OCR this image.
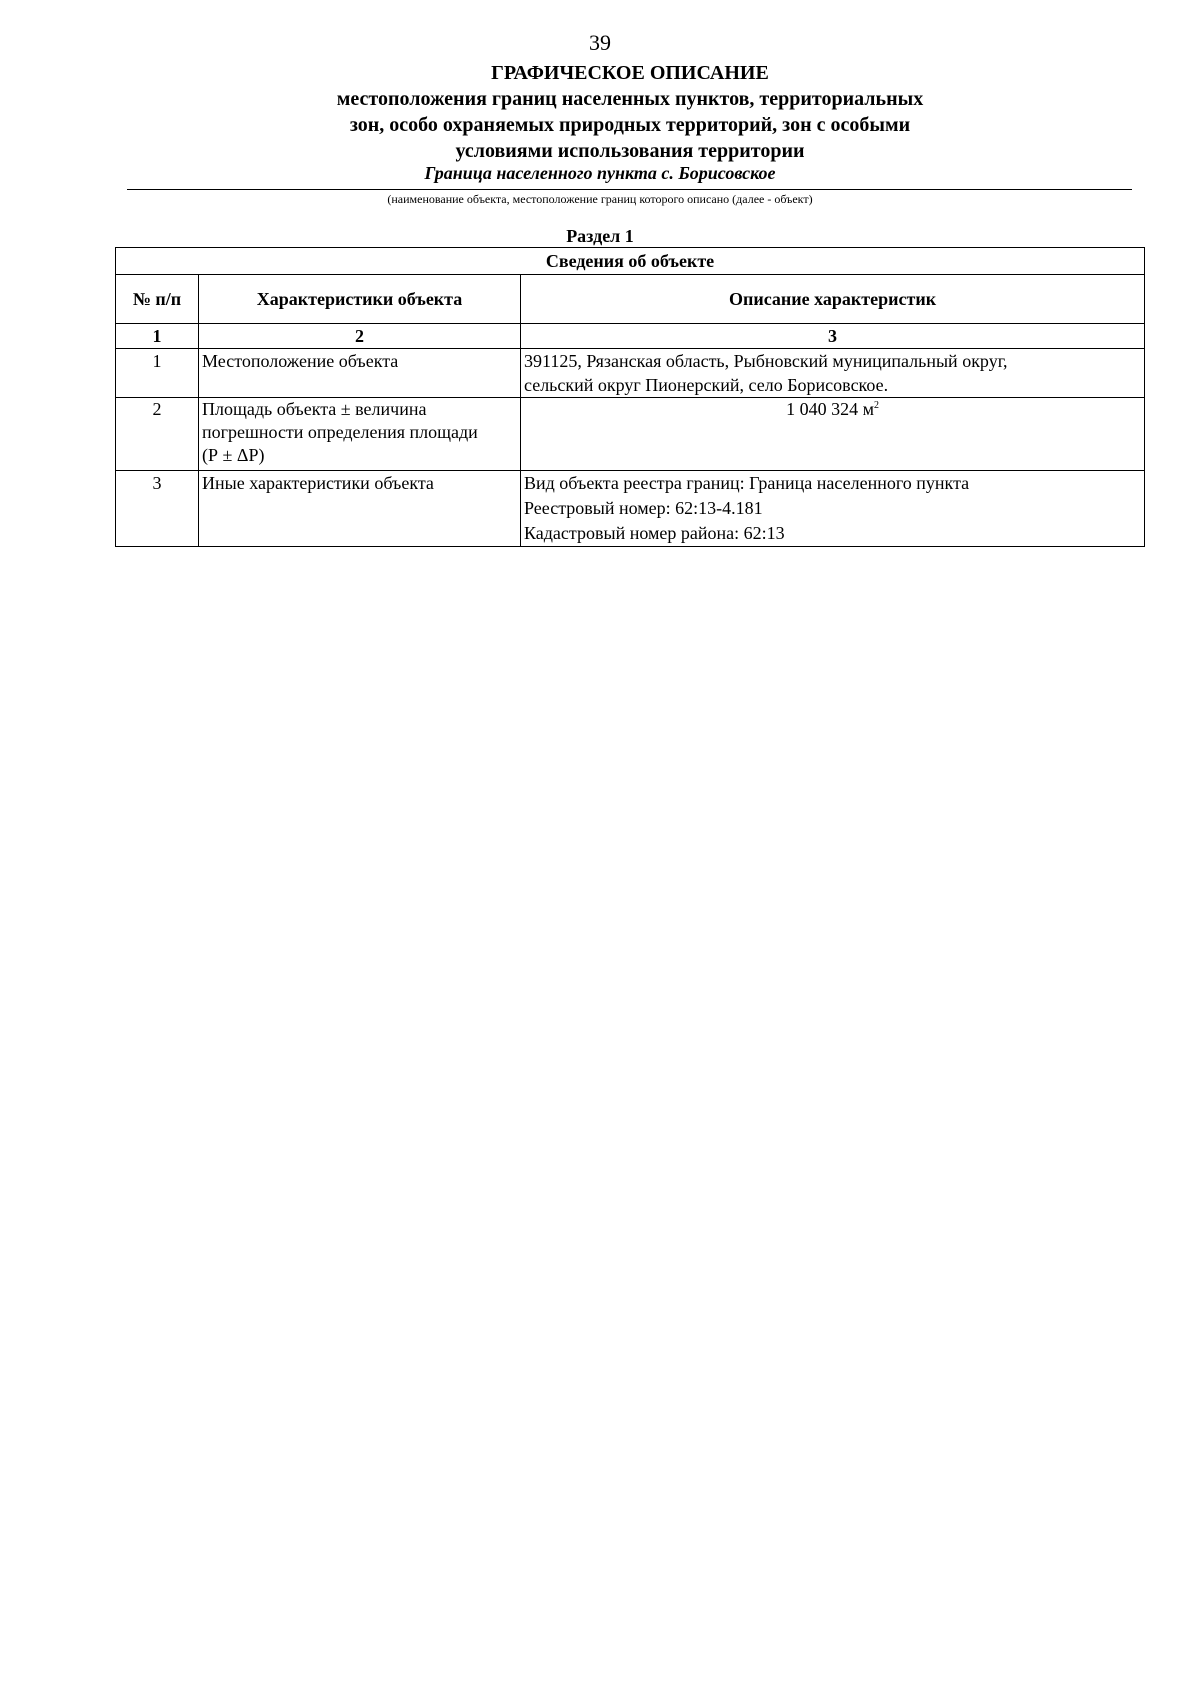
39
ГРАФИЧЕСКОЕ ОПИСАНИЕ
местоположения границ населенных пунктов, территориальных
зон, особо охраняемых природных территорий, зон с особыми
условиями использования территории
Граница населенного пункта с. Борисовское
(наименование объекта, местоположение границ которого описано (далее - объект)
Раздел 1
Сведения об объекте		
№ п/п	Характеристики объекта	Описание характеристик
1	2	3
1	Местоположение объекта	391125, Рязанская область, Рыбновский муниципальный округ,
сельский округ Пионерский, село Борисовское.

2	Площадь объекта ± величина
погрешности определения площади
(Р ± ΔР)	1 040 324 $м^2$
3	Иные характеристики объекта	Вид объекта реестра границ: Граница населенного пункта
Реестровый номер: 62:13-4.181
Кадастровый номер района: 62:13
